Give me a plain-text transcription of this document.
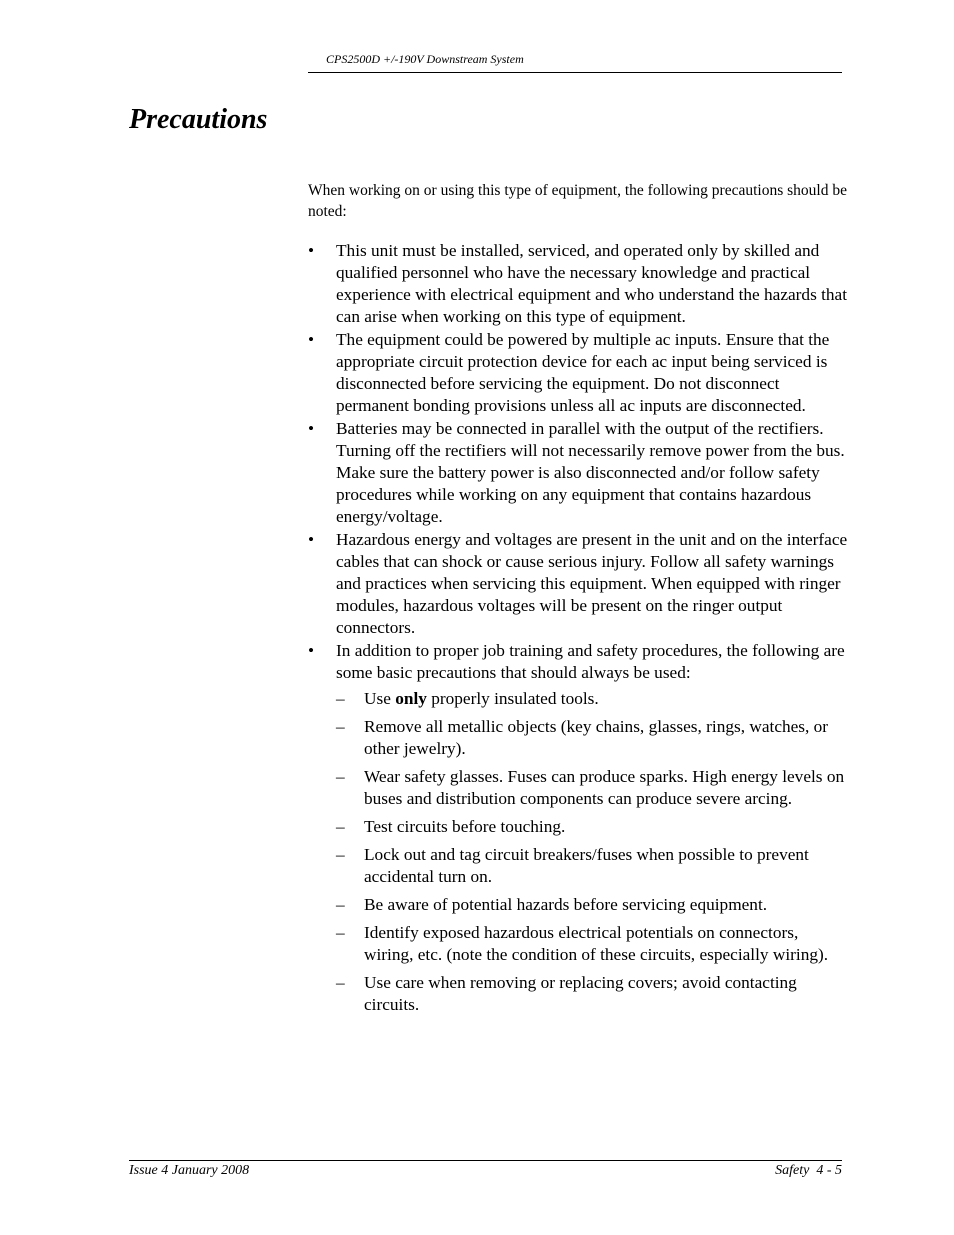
CPS2500D +/-190V Downstream System
Precautions

When working on or using this type of equipment, the following precautions should be noted:

• This unit must be installed, serviced, and operated only by skilled and qualified personnel who have the necessary knowledge and practical experience with electrical equipment and who understand the hazards that can arise when working on this type of equipment.
• The equipment could be powered by multiple ac inputs. Ensure that the appropriate circuit protection device for each ac input being serviced is disconnected before servicing the equipment. Do not disconnect permanent bonding provisions unless all ac inputs are disconnected.
• Batteries may be connected in parallel with the output of the rectifiers. Turning off the rectifiers will not necessarily remove power from the bus. Make sure the battery power is also disconnected and/or follow safety procedures while working on any equipment that contains hazardous energy/voltage.
• Hazardous energy and voltages are present in the unit and on the interface cables that can shock or cause serious injury. Follow all safety warnings and practices when servicing this equipment. When equipped with ringer modules, hazardous voltages will be present on the ringer output connectors.
• In addition to proper job training and safety procedures, the following are some basic precautions that should always be used:
– Use only properly insulated tools.
– Remove all metallic objects (key chains, glasses, rings, watches, or other jewelry).
– Wear safety glasses. Fuses can produce sparks. High energy levels on buses and distribution components can produce severe arcing.
– Test circuits before touching.
– Lock out and tag circuit breakers/fuses when possible to prevent accidental turn on.
– Be aware of potential hazards before servicing equipment.
– Identify exposed hazardous electrical potentials on connectors, wiring, etc. (note the condition of these circuits, especially wiring).
– Use care when removing or replacing covers; avoid contacting circuits.
Issue 4 January 2008	Safety  4 - 5
